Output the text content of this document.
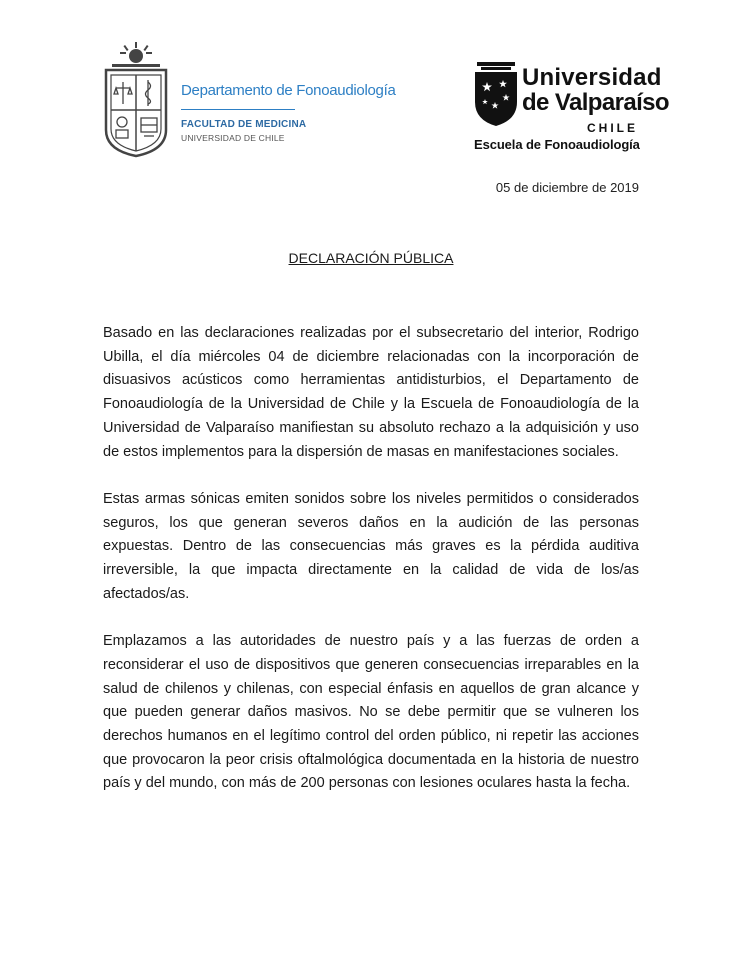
Departamento de Fonoaudiología
FACULTAD DE MEDICINA
UNIVERSIDAD DE CHILE
Universidad
de Valparaíso
CHILE
Escuela de Fonoaudiología
05 de diciembre de 2019
DECLARACIÓN PÚBLICA

Basado en las declaraciones realizadas por el subsecretario del interior, Rodrigo Ubilla, el día miércoles 04 de diciembre relacionadas con la incorporación de disuasivos acústicos como herramientas antidisturbios, el Departamento de Fonoaudiología de la Universidad de Chile y la Escuela de Fonoaudiología de la Universidad de Valparaíso manifiestan su absoluto rechazo a la adquisición y uso de estos implementos para la dispersión de masas en manifestaciones sociales.

Estas armas sónicas emiten sonidos sobre los niveles permitidos o considerados seguros, los que generan severos daños en la audición de las personas expuestas. Dentro de las consecuencias más graves es la pérdida auditiva irreversible, la que impacta directamente en la calidad de vida de los/as afectados/as.

Emplazamos a las autoridades de nuestro país y a las fuerzas de orden a reconsiderar el uso de dispositivos que generen consecuencias irreparables en la salud de chilenos y chilenas, con especial énfasis en aquellos de gran alcance y que pueden generar daños masivos. No se debe permitir que se vulneren los derechos humanos en el legítimo control del orden público, ni repetir las acciones que provocaron la peor crisis oftalmológica documentada en la historia de nuestro país y del mundo, con más de 200 personas con lesiones oculares hasta la fecha.
